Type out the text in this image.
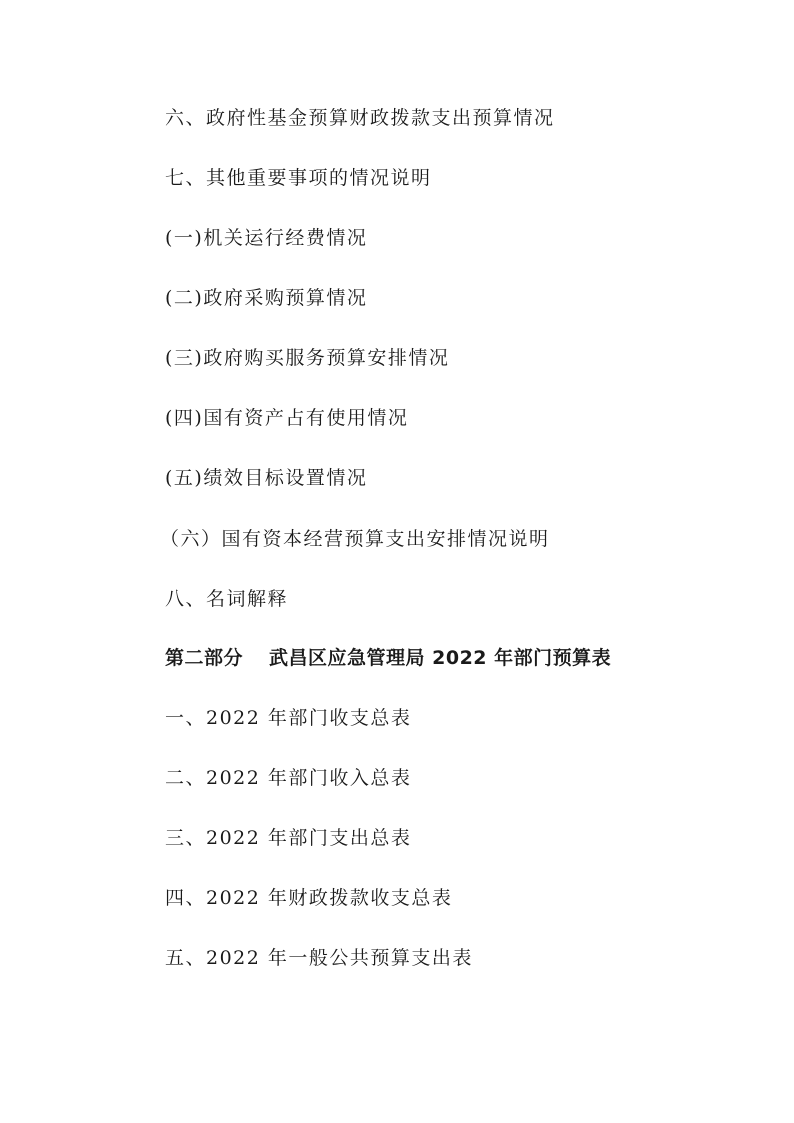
六、政府性基金预算财政拨款支出预算情况
七、其他重要事项的情况说明
(一)机关运行经费情况
(二)政府采购预算情况
(三)政府购买服务预算安排情况
(四)国有资产占有使用情况
(五)绩效目标设置情况
（六）国有资本经营预算支出安排情况说明
八、名词解释
第二部分 武昌区应急管理局 2022 年部门预算表
一、2022 年部门收支总表
二、2022 年部门收入总表
三、2022 年部门支出总表
四、2022 年财政拨款收支总表
五、2022 年一般公共预算支出表
